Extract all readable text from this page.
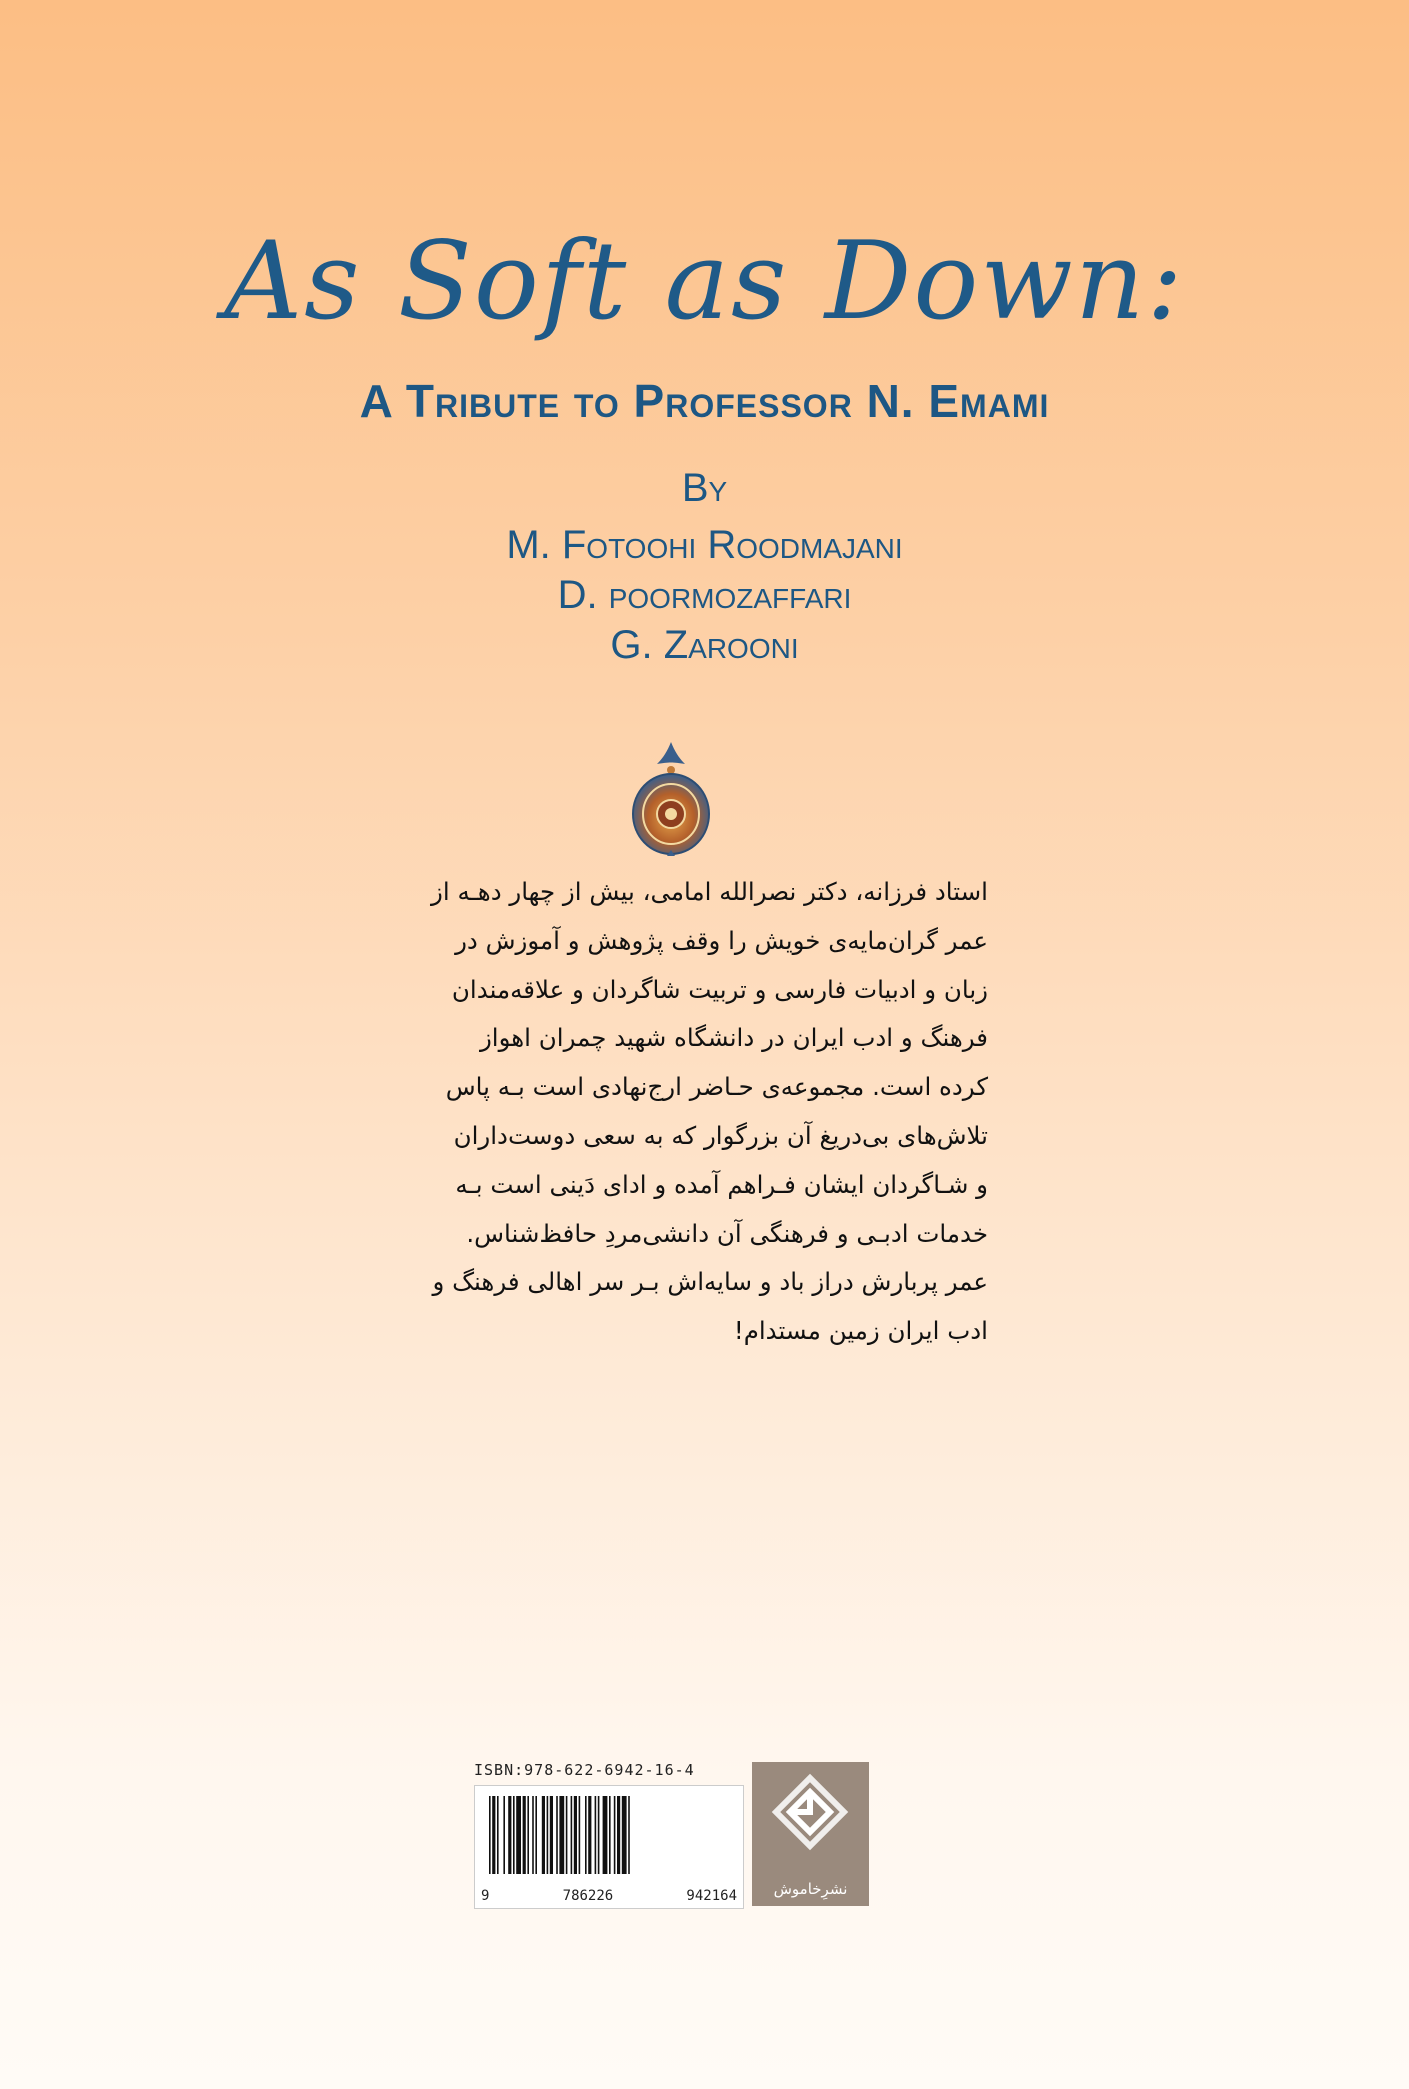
As Soft as Down:
A Tribute to Professor N. Emami
By
M. Fotoohi Roodmajani
D. poormozaffari
G. Zarooni
استاد فرزانه، دکتر نصرالله امامی، بیش از چهار دهـه از
عمر گران‌مایه‌ی خویش را وقف پژوهش و آموزش در
زبان و ادبیات فارسی و تربیت شاگردان و علاقه‌مندان
فرهنگ و ادب ایران در دانشگاه شهید چمران اهواز
کرده است. مجموعه‌ی حـاضر ارج‌نهادی است بـه پاس
تلاش‌های بی‌دریغ آن بزرگوار که به سعی دوست‌داران
و شـاگردان ایشان فـراهم آمده و ادای دَینی است بـه
خدمات ادبـی و فرهنگی آن دانشی‌مردِ حافظ‌شناس.
عمر پربارش دراز باد و سایه‌اش بـر سر اهالی فرهنگ و
ادب ایران زمین مستدام!
ISBN:978-622-6942-16-4
9	786226	942164	نشرِخاموش
